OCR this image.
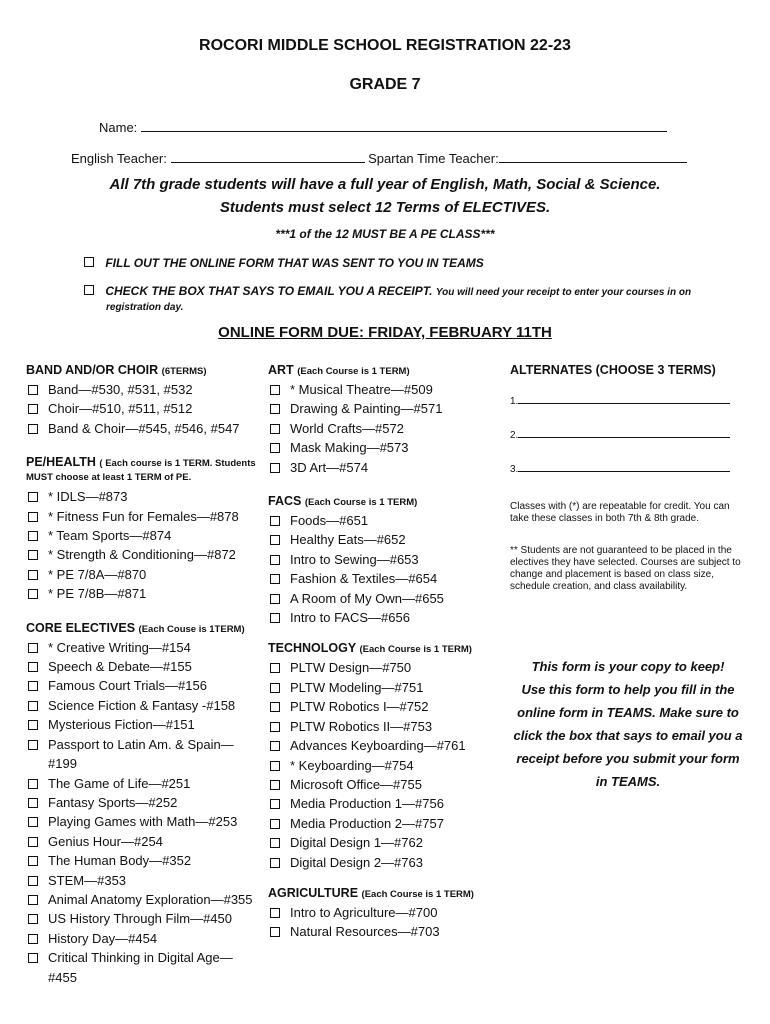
ROCORI MIDDLE SCHOOL REGISTRATION 22-23
GRADE 7
Name:
English Teacher:	Spartan Time Teacher:
All 7th grade students will have a full year of English, Math, Social & Science.
Students must select 12 Terms of ELECTIVES.
***1 of the 12 MUST BE A PE CLASS***
FILL OUT THE ONLINE FORM THAT WAS SENT TO YOU IN TEAMS
CHECK THE BOX THAT SAYS TO EMAIL YOU A RECEIPT. You will need your receipt to enter your courses in on
registration day.
ONLINE FORM DUE: FRIDAY, FEBRUARY 11TH
BAND AND/OR CHOIR (6TERMS)
Band—#530, #531, #532
Choir—#510, #511, #512
Band & Choir—#545, #546, #547
PE/HEALTH ( Each course is 1 TERM. Students MUST choose at least 1 TERM of PE.
* IDLS—#873
* Fitness Fun for Females—#878
* Team Sports—#874
* Strength & Conditioning—#872
* PE 7/8A—#870
* PE 7/8B—#871
CORE ELECTIVES (Each Couse is 1TERM)
* Creative Writing—#154
Speech & Debate—#155
Famous Court Trials—#156
Science Fiction & Fantasy -#158
Mysterious Fiction—#151
Passport to Latin Am. & Spain—#199
The Game of Life—#251
Fantasy Sports—#252
Playing Games with Math—#253
Genius Hour—#254
The Human Body—#352
STEM—#353
Animal Anatomy Exploration—#355
US History Through Film—#450
History Day—#454
Critical Thinking in Digital Age—#455
ART (Each Course is 1 TERM)
* Musical Theatre—#509
Drawing & Painting—#571
World Crafts—#572
Mask Making—#573
3D Art—#574
FACS (Each Course is 1 TERM)
Foods—#651
Healthy Eats—#652
Intro to Sewing—#653
Fashion & Textiles—#654
A Room of My Own—#655
Intro to FACS—#656
TECHNOLOGY (Each Course is 1 TERM)
PLTW Design—#750
PLTW Modeling—#751
PLTW Robotics I—#752
PLTW Robotics II—#753
Advances Keyboarding—#761
* Keyboarding—#754
Microsoft Office—#755
Media Production 1—#756
Media Production 2—#757
Digital Design 1—#762
Digital Design 2—#763
AGRICULTURE (Each Course is 1 TERM)
Intro to Agriculture—#700
Natural Resources—#703
ALTERNATES (CHOOSE 3 TERMS)
1.
2.
3.
Classes with (*) are repeatable for credit. You can take these classes in both 7th & 8th grade.
** Students are not guaranteed to be placed in the electives they have selected. Courses are subject to change and placement is based on class size, schedule creation, and class availability.
This form is your copy to keep!
Use this form to help you fill in the
online form in TEAMS. Make sure to
click the box that says to email you a
receipt before you submit your form
in TEAMS.
